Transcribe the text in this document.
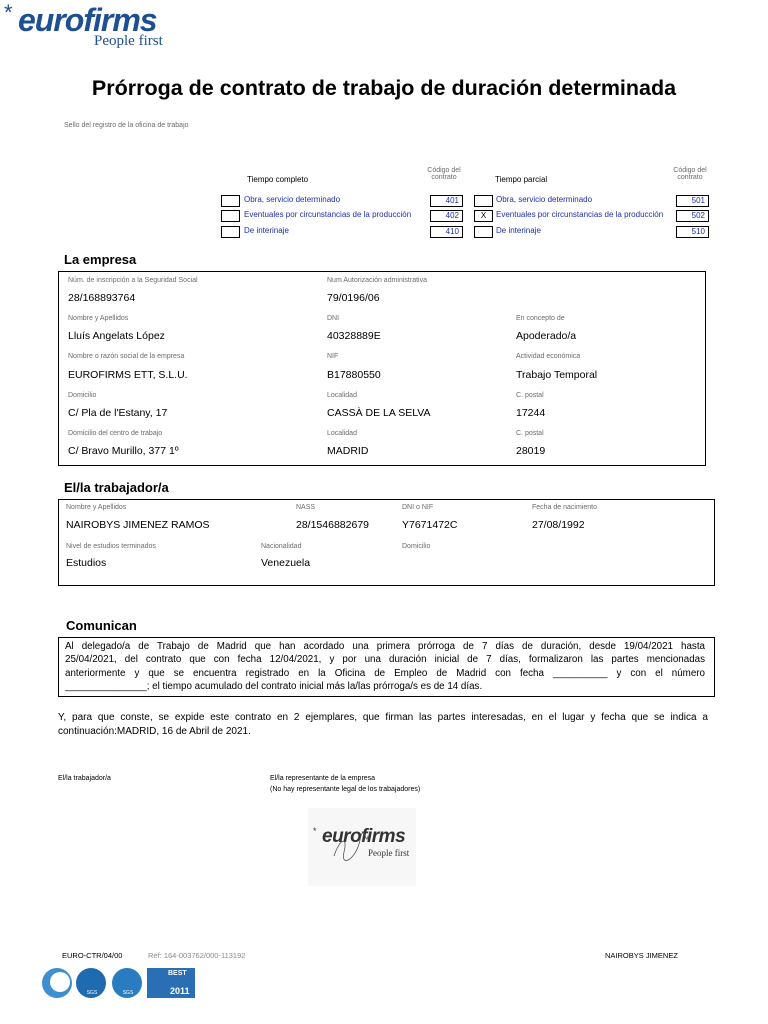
* eurofirms
People first
Prórroga de contrato de trabajo de duración determinada
Sello del registro de la oficina de trabajo
Tiempo completo
Código del contrato	Tiempo parcial
Código del contrato
Obra, servicio determinado	401
Eventuales por circunstancias de la producción	402
De interinaje	410
Obra, servicio determinado	501
X	Eventuales por circunstancias de la producción	502
De interinaje	510
La empresa
Núm. de inscripción a la Seguridad Social
28/168893764
Num Autorización administrativa
79/0196/06
Nombre y Apellidos
Lluís Angelats López
DNI
40328889E
En concepto de
Apoderado/a
Nombre o razón social de la empresa
EUROFIRMS ETT, S.L.U.
NIF
B17880550
Actividad económica
Trabajo Temporal
Domicilio
C/ Pla de l'Estany, 17
Localidad
CASSÀ DE LA SELVA
C. postal
17244
Domicilio del centro de trabajo
C/ Bravo Murillo, 377 1º
Localidad
MADRID
C. postal
28019
El/la trabajador/a
Nombre y Apellidos
NAIROBYS JIMENEZ RAMOS
NASS
28/1546882679
DNI o NIF
Y7671472C
Fecha de nacimiento
27/08/1992
Nivel de estudios terminados
Estudios
Nacionalidad
Venezuela
Domicilio
Comunican
Al delegado/a de Trabajo de Madrid que han acordado una primera prórroga de 7 días de duración, desde 19/04/2021 hasta
25/04/2021, del contrato que con fecha 12/04/2021, y por una duración inicial de 7 días, formalizaron las partes mencionadas
anteriormente y que se encuentra registrado en la Oficina de Empleo de Madrid con fecha __________ y con el número
_______________; el tiempo acumulado del contrato inicial más la/las prórroga/s es de 14 días.
Y, para que conste, se expide este contrato en 2 ejemplares, que firman las partes interesadas, en el lugar y fecha que se indica a
continuación:MADRID, 16 de Abril de 2021.
El/la trabajador/a	El/la representante de la empresa
(No hay representante legal de los trabajadores)
* eurofirms
People first
EURO-CTR/04/00	Ref: 164-003762/000-113192	NAIROBYS JIMENEZ
SGS	SGS
BEST
2011
